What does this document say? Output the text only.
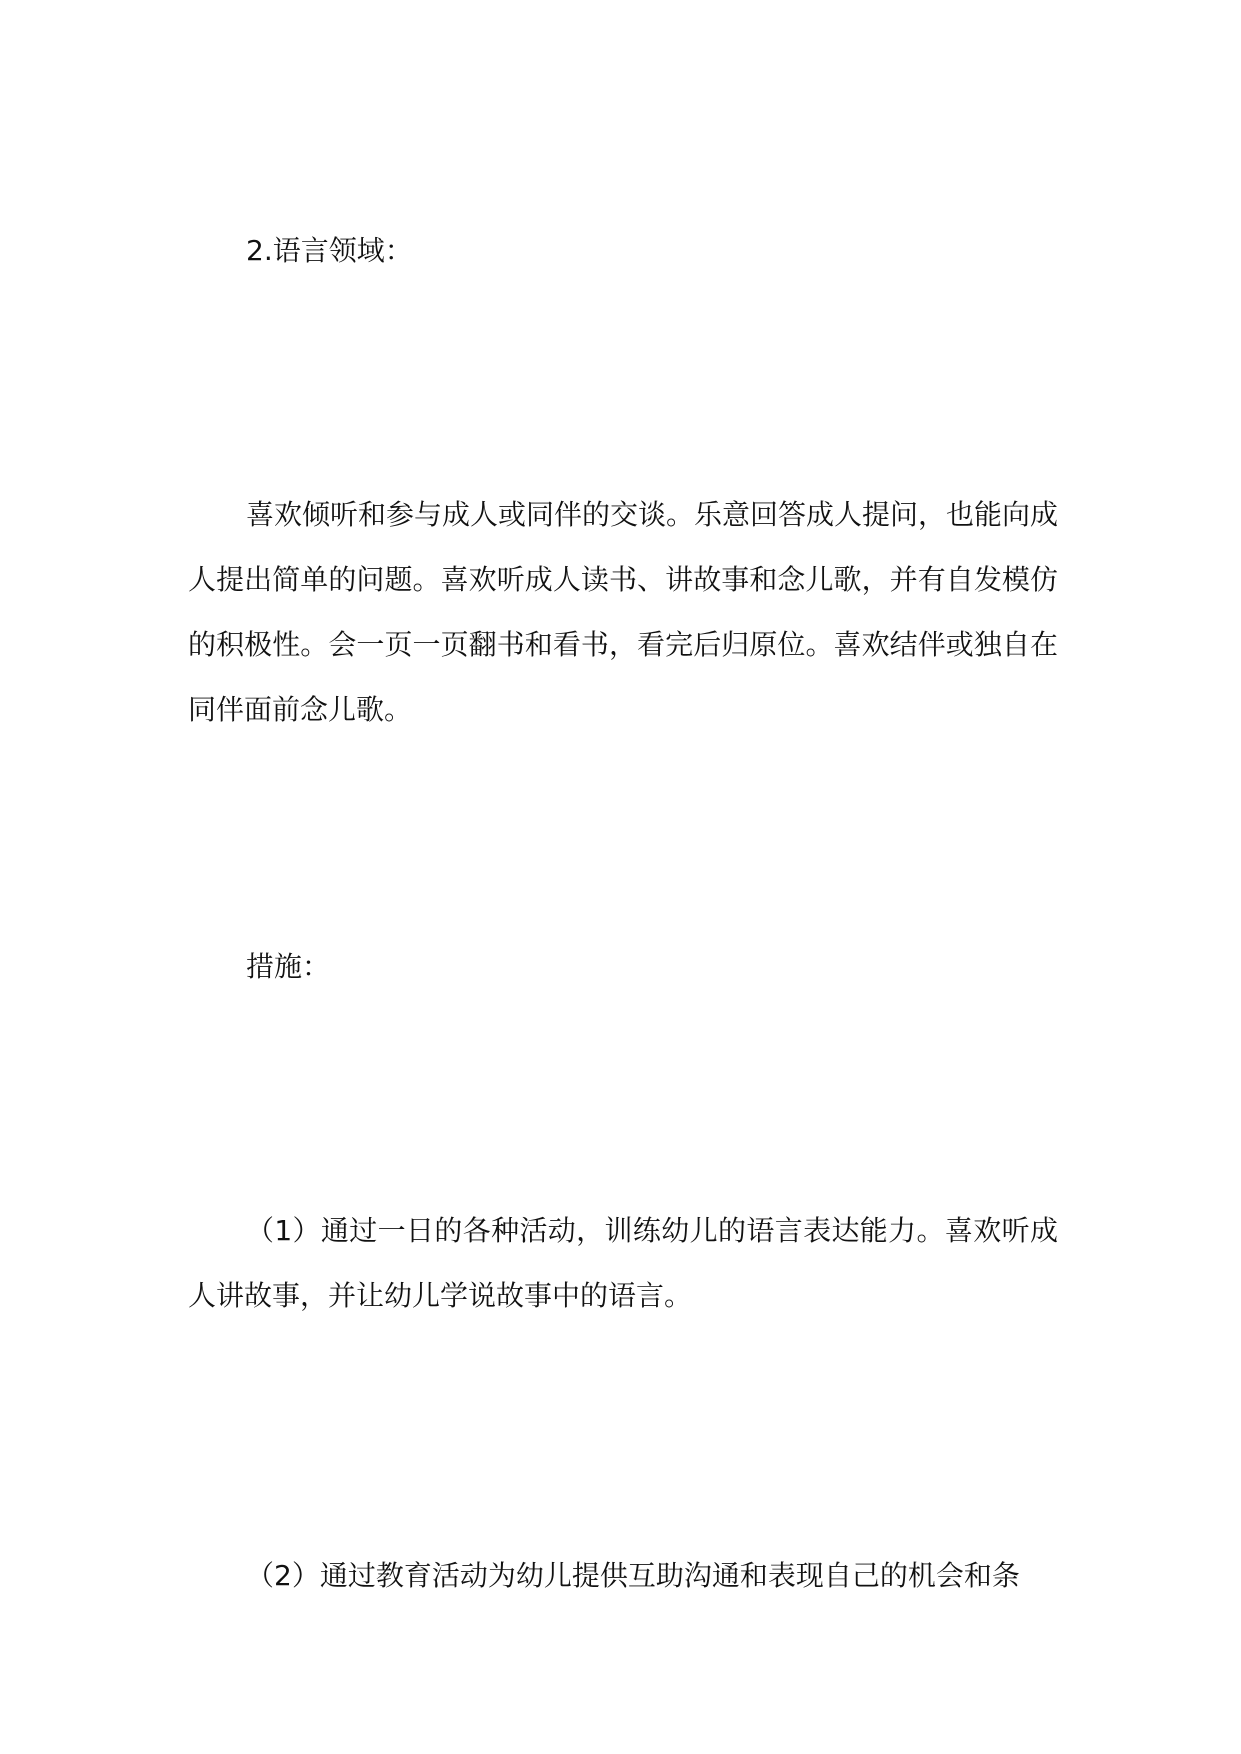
2.语言领域：

喜欢倾听和参与成人或同伴的交谈。乐意回答成人提问，也能向成人提出简单的问题。喜欢听成人读书、讲故事和念儿歌，并有自发模仿的积极性。会一页一页翻书和看书，看完后归原位。喜欢结伴或独自在同伴面前念儿歌。

措施：

（1）通过一日的各种活动，训练幼儿的语言表达能力。喜欢听成人讲故事，并让幼儿学说故事中的语言。

（2）通过教育活动为幼儿提供互助沟通和表现自己的机会和条
